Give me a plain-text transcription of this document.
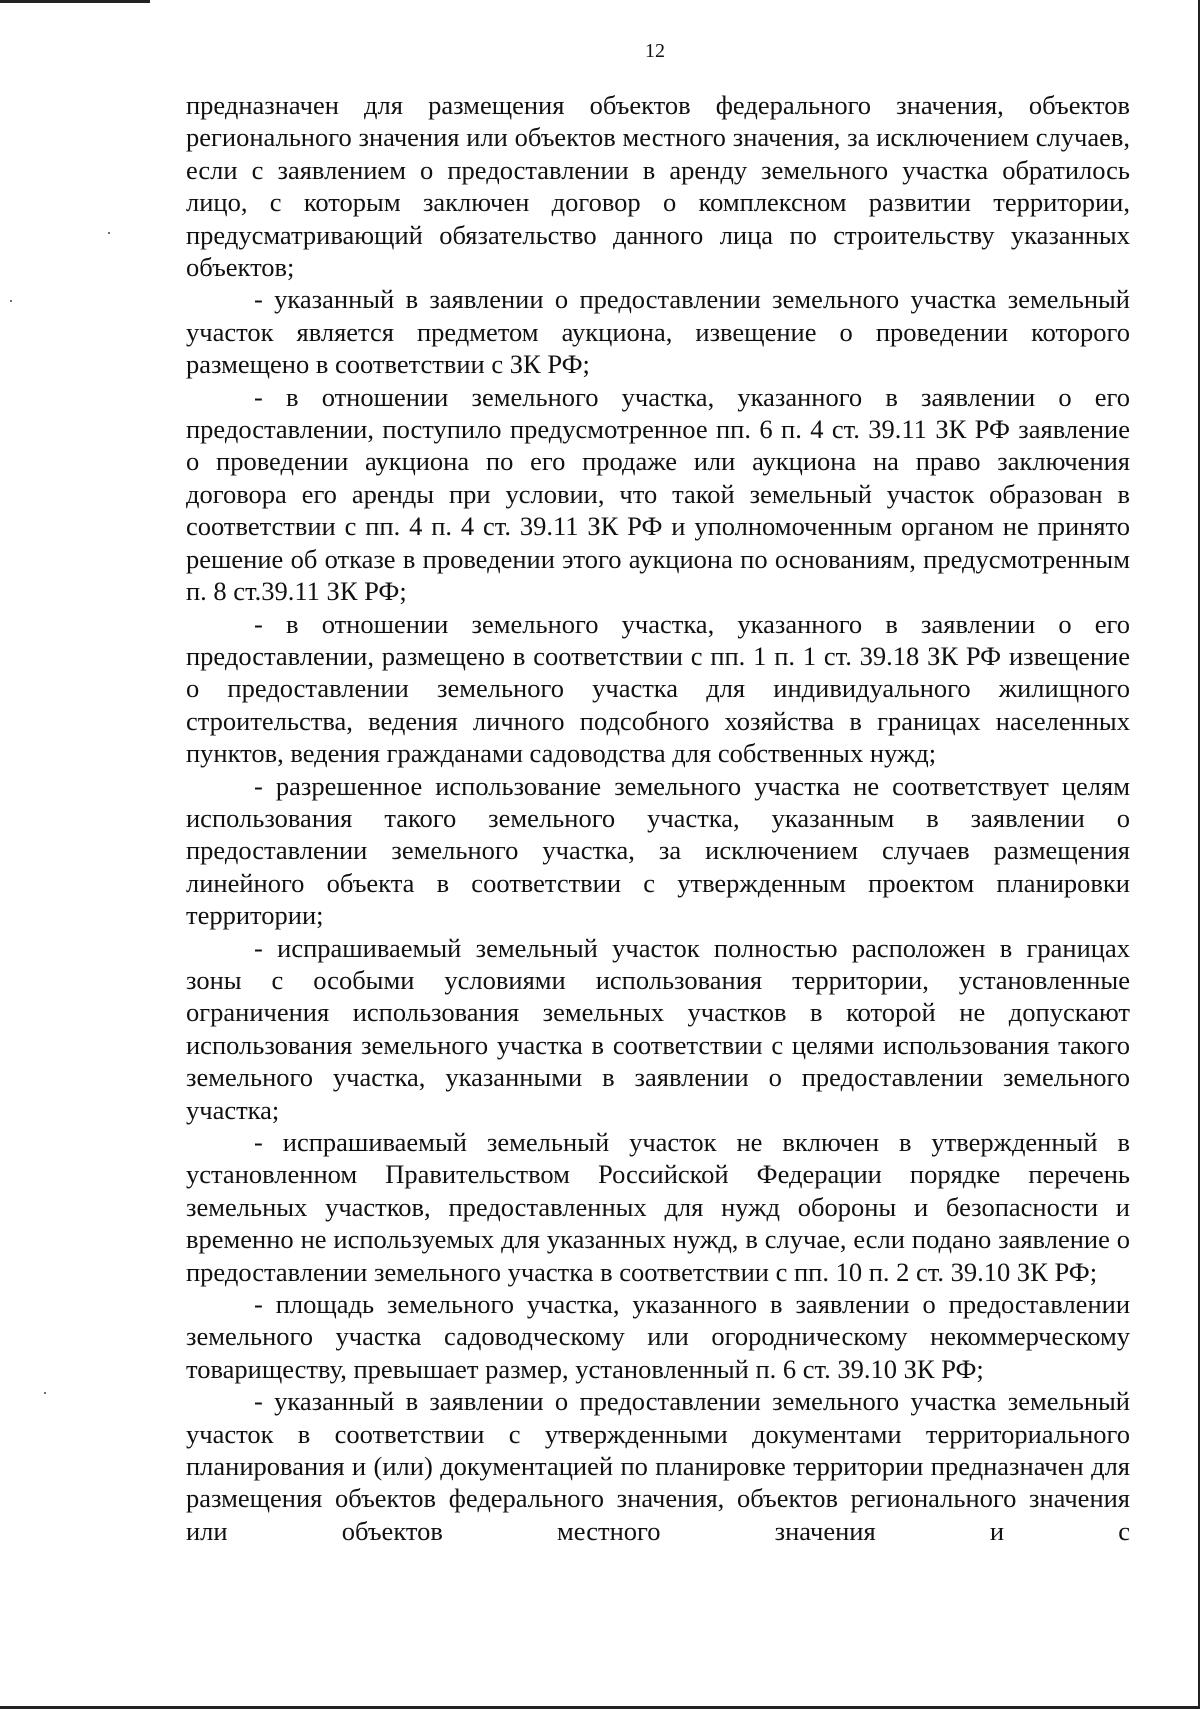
12

предназначен для размещения объектов федерального значения, объектов регионального значения или объектов местного значения, за исключением случаев, если с заявлением о предоставлении в аренду земельного участка обратилось лицо, с которым заключен договор о комплексном развитии территории, предусматривающий обязательство данного лица по строительству указанных объектов;

- указанный в заявлении о предоставлении земельного участка земельный участок является предметом аукциона, извещение о проведении которого размещено в соответствии с ЗК РФ;

- в отношении земельного участка, указанного в заявлении о его предоставлении, поступило предусмотренное пп. 6 п. 4 ст. 39.11 ЗК РФ заявление о проведении аукциона по его продаже или аукциона на право заключения договора его аренды при условии, что такой земельный участок образован в соответствии с пп. 4 п. 4 ст. 39.11 ЗК РФ и уполномоченным органом не принято решение об отказе в проведении этого аукциона по основаниям, предусмотренным п. 8 ст.39.11 ЗК РФ;

- в отношении земельного участка, указанного в заявлении о его предоставлении, размещено в соответствии с пп. 1 п. 1 ст. 39.18 ЗК РФ извещение о предоставлении земельного участка для индивидуального жилищного строительства, ведения личного подсобного хозяйства в границах населенных пунктов, ведения гражданами садоводства для собственных нужд;

- разрешенное использование земельного участка не соответствует целям использования такого земельного участка, указанным в заявлении о предоставлении земельного участка, за исключением случаев размещения линейного объекта в соответствии с утвержденным проектом планировки территории;

- испрашиваемый земельный участок полностью расположен в границах зоны с особыми условиями использования территории, установленные ограничения использования земельных участков в которой не допускают использования земельного участка в соответствии с целями использования такого земельного участка, указанными в заявлении о предоставлении земельного участка;

- испрашиваемый земельный участок не включен в утвержденный в установленном Правительством Российской Федерации порядке перечень земельных участков, предоставленных для нужд обороны и безопасности и временно не используемых для указанных нужд, в случае, если подано заявление о предоставлении земельного участка в соответствии с пп. 10 п. 2 ст. 39.10 ЗК РФ;

- площадь земельного участка, указанного в заявлении о предоставлении земельного участка садоводческому или огородническому некоммерческому товариществу, превышает размер, установленный п. 6 ст. 39.10 ЗК РФ;

- указанный в заявлении о предоставлении земельного участка земельный участок в соответствии с утвержденными документами территориального планирования и (или) документацией по планировке территории предназначен для размещения объектов федерального значения, объектов регионального значения или объектов местного значения и с
